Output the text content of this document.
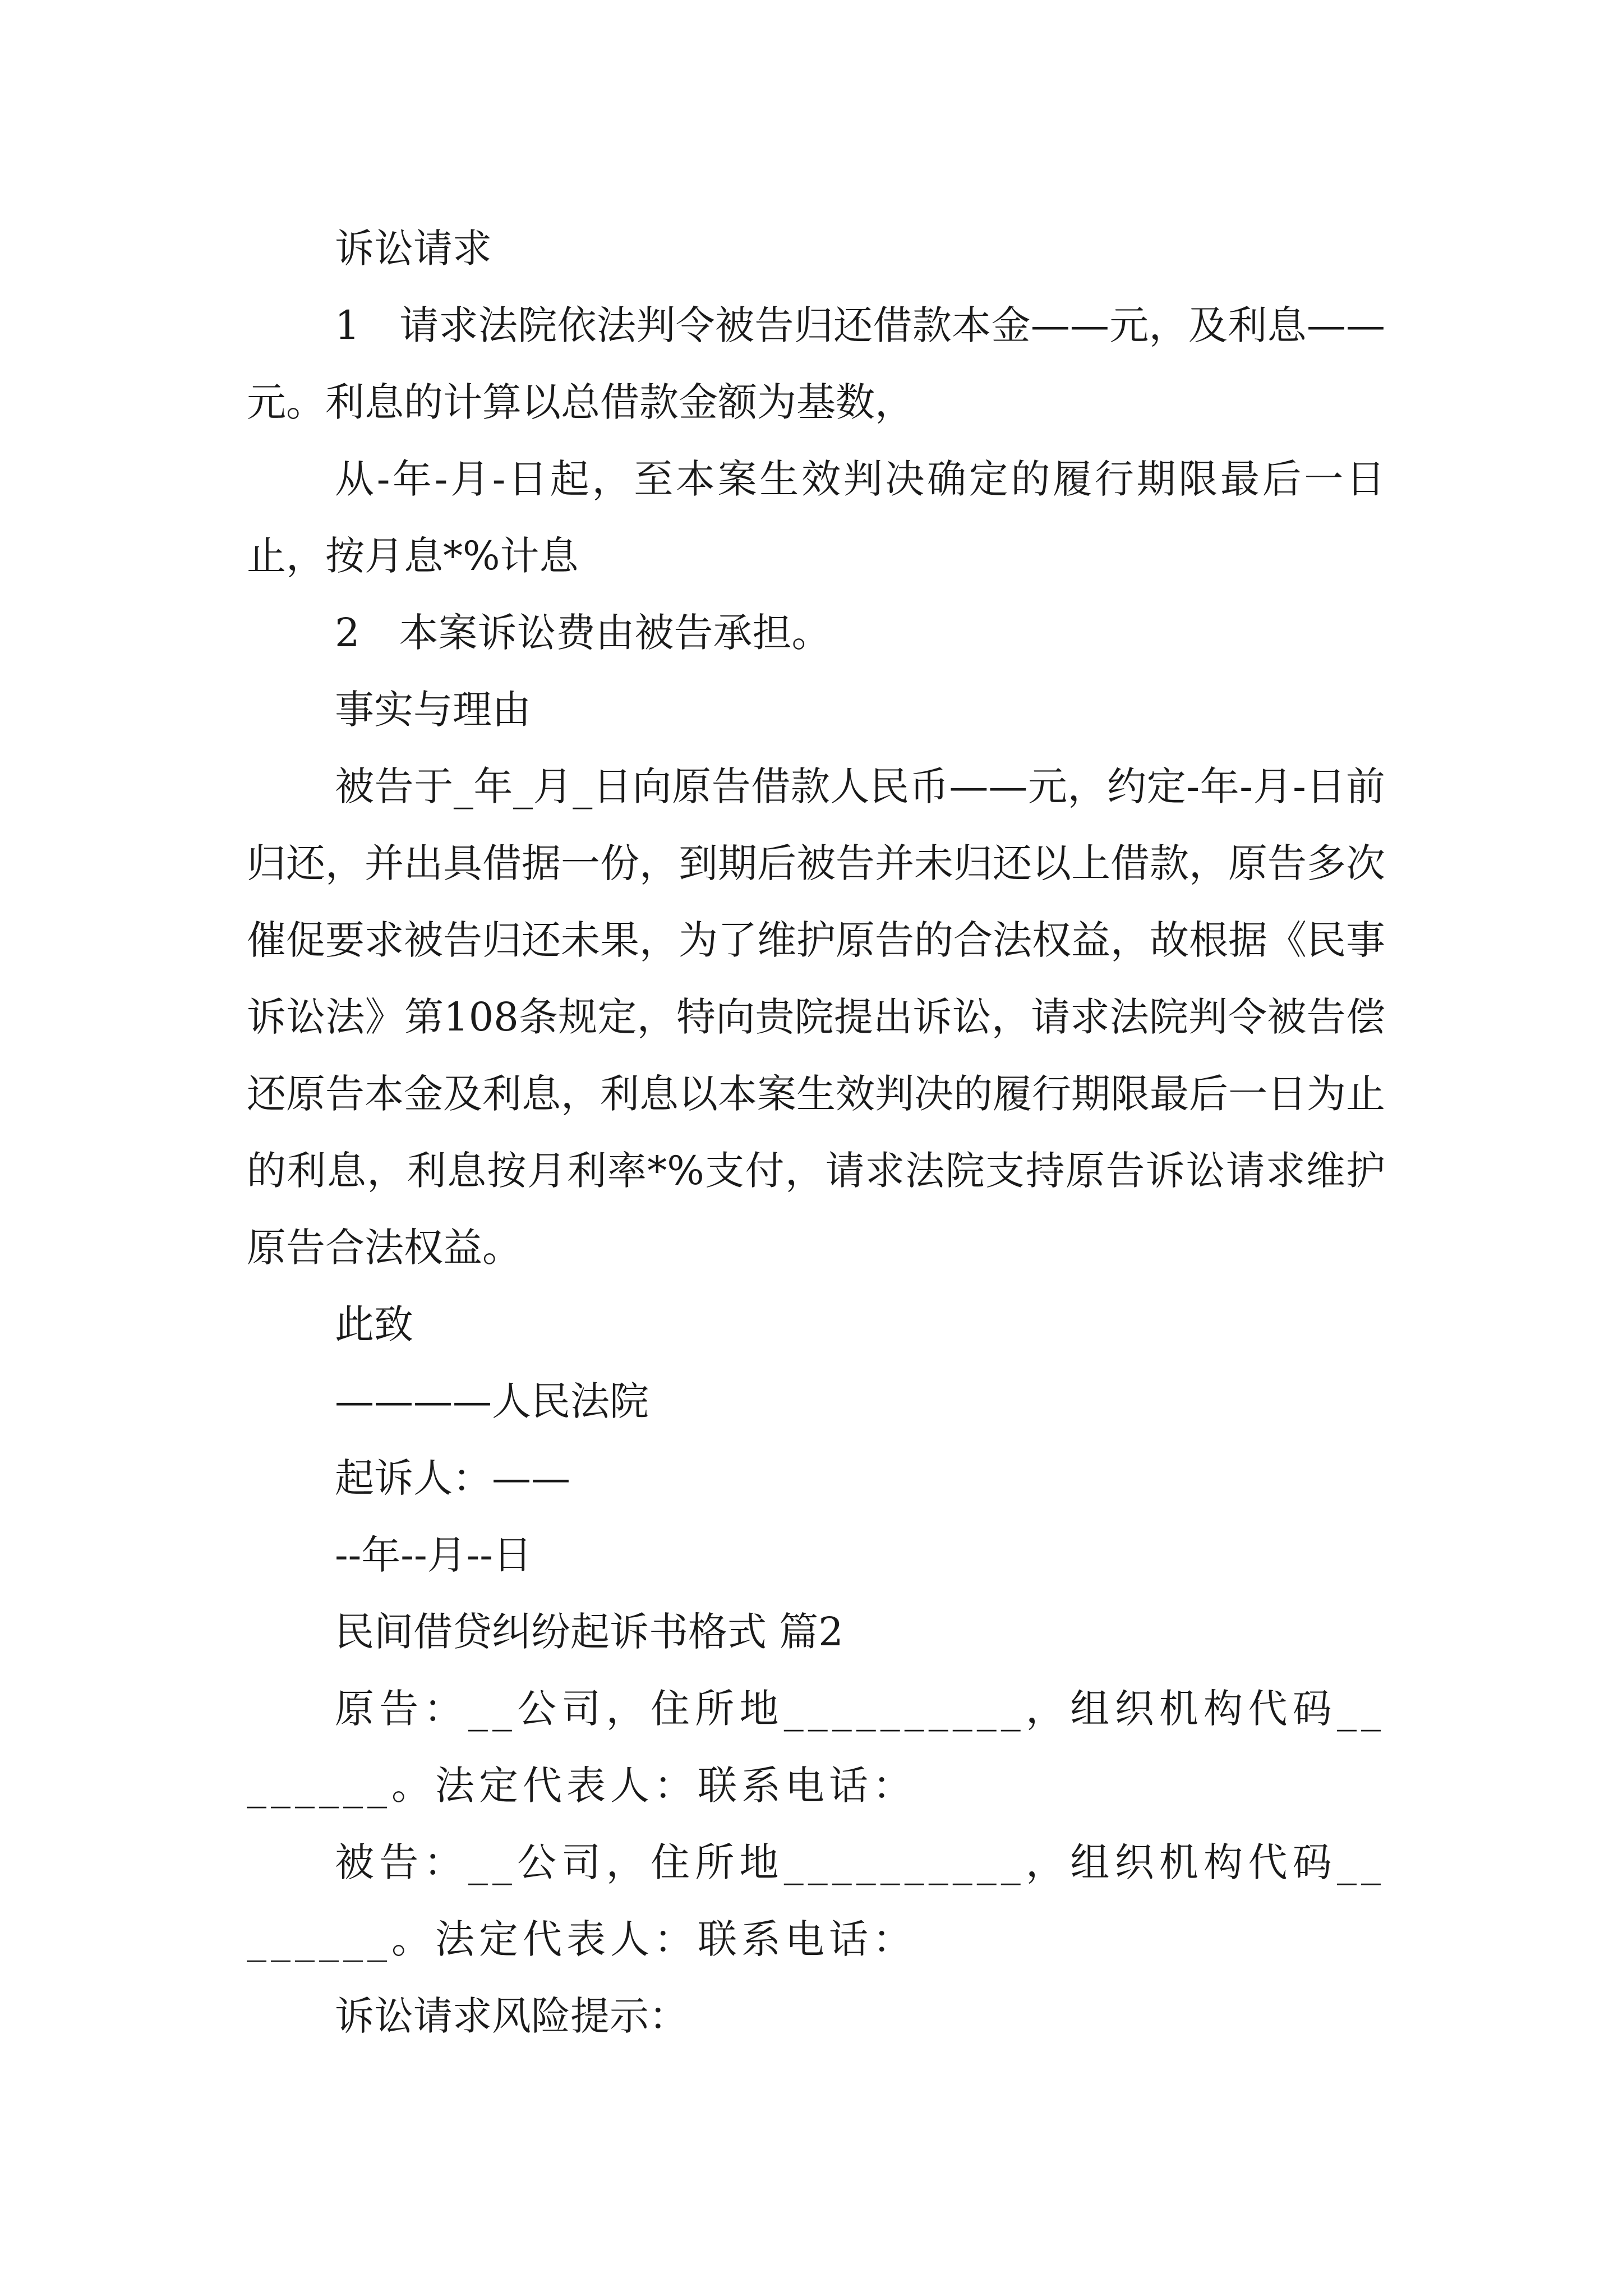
诉讼请求

1　请求法院依法判令被告归还借款本金——元，及利息——元。利息的计算以总借款金额为基数，

从-年-月-日起，至本案生效判决确定的履行期限最后一日止，按月息*%计息

2　本案诉讼费由被告承担。

事实与理由

被告于_年_月_日向原告借款人民币——元，约定-年-月-日前归还，并出具借据一份，到期后被告并未归还以上借款，原告多次催促要求被告归还未果，为了维护原告的合法权益，故根据《民事诉讼法》第108条规定，特向贵院提出诉讼，请求法院判令被告偿还原告本金及利息，利息以本案生效判决的履行期限最后一日为止的利息，利息按月利率*%支付，请求法院支持原告诉讼请求维护原告合法权益。

此致

————人民法院

起诉人：——

--年--月--日

民间借贷纠纷起诉书格式 篇2

原告：__公司，住所地__________，组织机构代码________。法定代表人：联系电话：

被告：__公司，住所地__________，组织机构代码________。法定代表人：联系电话：

诉讼请求风险提示：
